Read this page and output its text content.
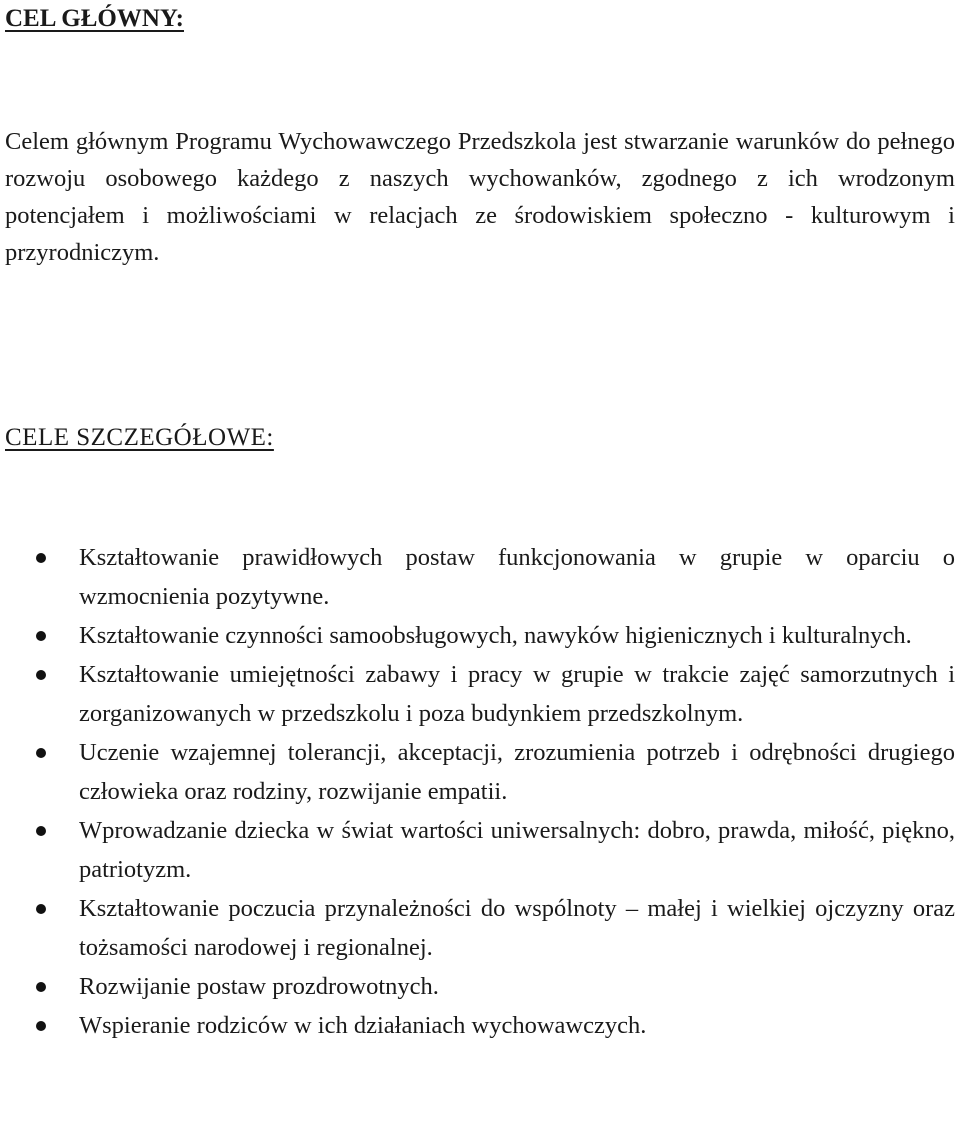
CEL GŁÓWNY:

Celem głównym Programu Wychowawczego Przedszkola jest stwarzanie warunków do pełnego rozwoju osobowego każdego z naszych wychowanków, zgodnego z ich wrodzonym potencjałem i możliwościami w relacjach ze środowiskiem społeczno - kulturowym i przyrodniczym.

CELE SZCZEGÓŁOWE:
Kształtowanie prawidłowych postaw funkcjonowania w grupie w oparciu o wzmocnienia pozytywne.
Kształtowanie czynności samoobsługowych, nawyków higienicznych i kulturalnych.
Kształtowanie umiejętności zabawy i pracy w grupie w trakcie zajęć samorzutnych i zorganizowanych w przedszkolu i poza budynkiem przedszkolnym.
Uczenie wzajemnej tolerancji, akceptacji, zrozumienia potrzeb i odrębności drugiego człowieka oraz rodziny, rozwijanie empatii.
Wprowadzanie dziecka w świat wartości uniwersalnych: dobro, prawda, miłość, piękno, patriotyzm.
Kształtowanie poczucia przynależności do wspólnoty – małej i wielkiej ojczyzny oraz tożsamości narodowej i regionalnej.
Rozwijanie postaw prozdrowotnych.
Wspieranie rodziców w ich działaniach wychowawczych.
